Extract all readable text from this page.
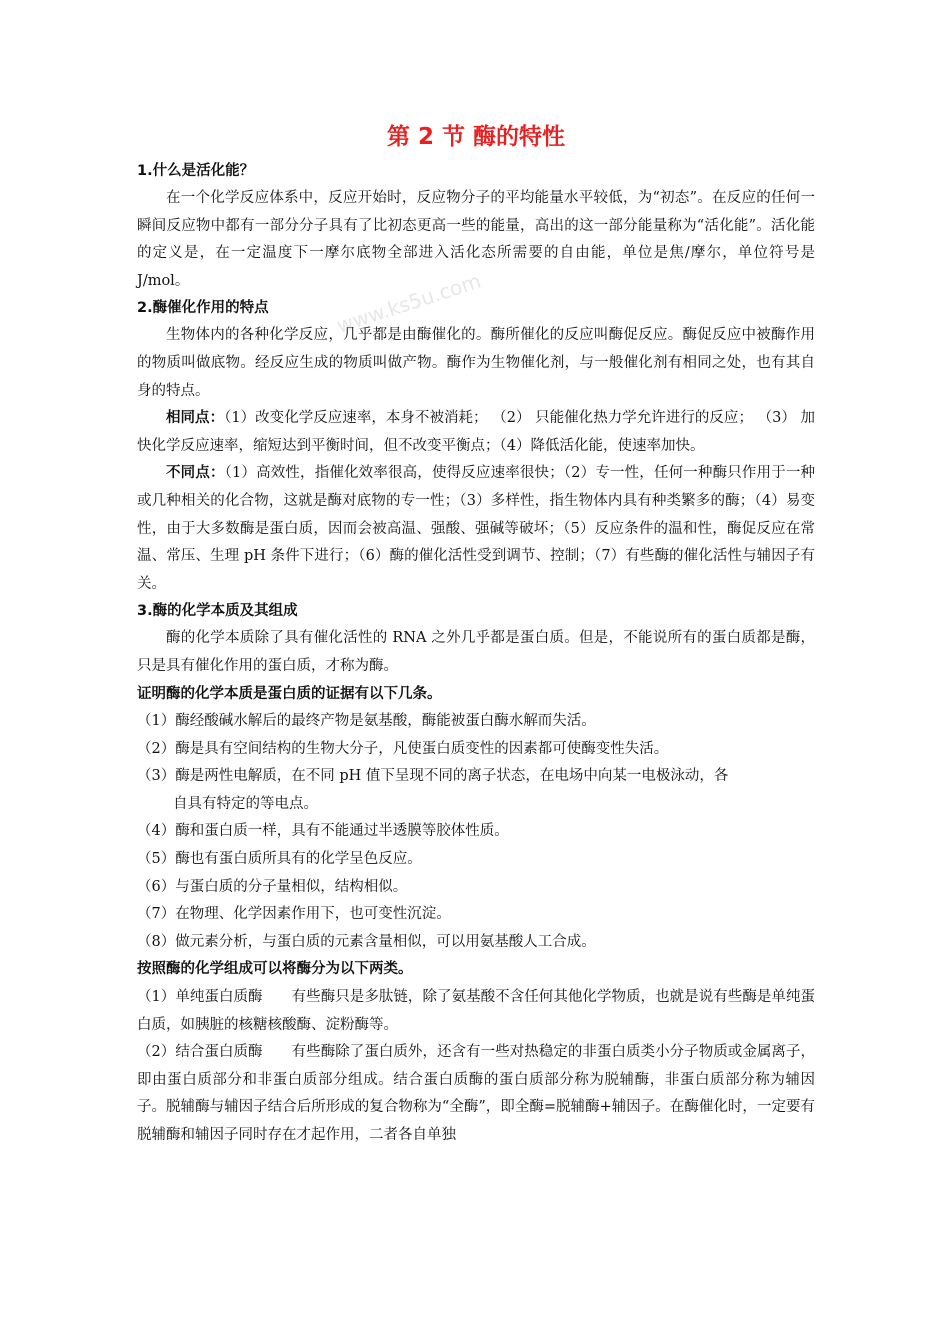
www.ks5u.com
第 2 节 酶的特性
1.什么是活化能？

在一个化学反应体系中，反应开始时，反应物分子的平均能量水平较低，为“初态”。在反应的任何一瞬间反应物中都有一部分分子具有了比初态更高一些的能量，高出的这一部分能量称为“活化能”。活化能的定义是，在一定温度下一摩尔底物全部进入活化态所需要的自由能，单位是焦/摩尔，单位符号是 J/mol。

2.酶催化作用的特点

生物体内的各种化学反应，几乎都是由酶催化的。酶所催化的反应叫酶促反应。酶促反应中被酶作用的物质叫做底物。经反应生成的物质叫做产物。酶作为生物催化剂，与一般催化剂有相同之处，也有其自身的特点。

相同点：（1）改变化学反应速率，本身不被消耗； （2） 只能催化热力学允许进行的反应； （3） 加快化学反应速率，缩短达到平衡时间，但不改变平衡点；（4）降低活化能，使速率加快。

不同点：（1）高效性，指催化效率很高，使得反应速率很快；（2）专一性，任何一种酶只作用于一种或几种相关的化合物，这就是酶对底物的专一性；（3）多样性，指生物体内具有种类繁多的酶；（4）易变性，由于大多数酶是蛋白质，因而会被高温、强酸、强碱等破坏；（5）反应条件的温和性，酶促反应在常温、常压、生理 pH 条件下进行；（6）酶的催化活性受到调节、控制；（7）有些酶的催化活性与辅因子有关。

3.酶的化学本质及其组成

酶的化学本质除了具有催化活性的 RNA 之外几乎都是蛋白质。但是，不能说所有的蛋白质都是酶，只是具有催化作用的蛋白质，才称为酶。

证明酶的化学本质是蛋白质的证据有以下几条。
（1）酶经酸碱水解后的最终产物是氨基酸，酶能被蛋白酶水解而失活。
（2）酶是具有空间结构的生物大分子，凡使蛋白质变性的因素都可使酶变性失活。
（3）酶是两性电解质，在不同 pH 值下呈现不同的离子状态，在电场中向某一电极泳动，各
自具有特定的等电点。
（4）酶和蛋白质一样，具有不能通过半透膜等胶体性质。
（5）酶也有蛋白质所具有的化学呈色反应。
（6）与蛋白质的分子量相似，结构相似。
（7）在物理、化学因素作用下，也可变性沉淀。
（8）做元素分析，与蛋白质的元素含量相似，可以用氨基酸人工合成。
按照酶的化学组成可以将酶分为以下两类。

（1）单纯蛋白质酶 有些酶只是多肽链，除了氨基酸不含任何其他化学物质，也就是说有些酶是单纯蛋白质，如胰脏的核糖核酸酶、淀粉酶等。

（2）结合蛋白质酶 有些酶除了蛋白质外，还含有一些对热稳定的非蛋白质类小分子物质或金属离子，即由蛋白质部分和非蛋白质部分组成。结合蛋白质酶的蛋白质部分称为脱辅酶，非蛋白质部分称为辅因子。脱辅酶与辅因子结合后所形成的复合物称为“全酶”，即全酶=脱辅酶+辅因子。在酶催化时，一定要有脱辅酶和辅因子同时存在才起作用，二者各自单独
